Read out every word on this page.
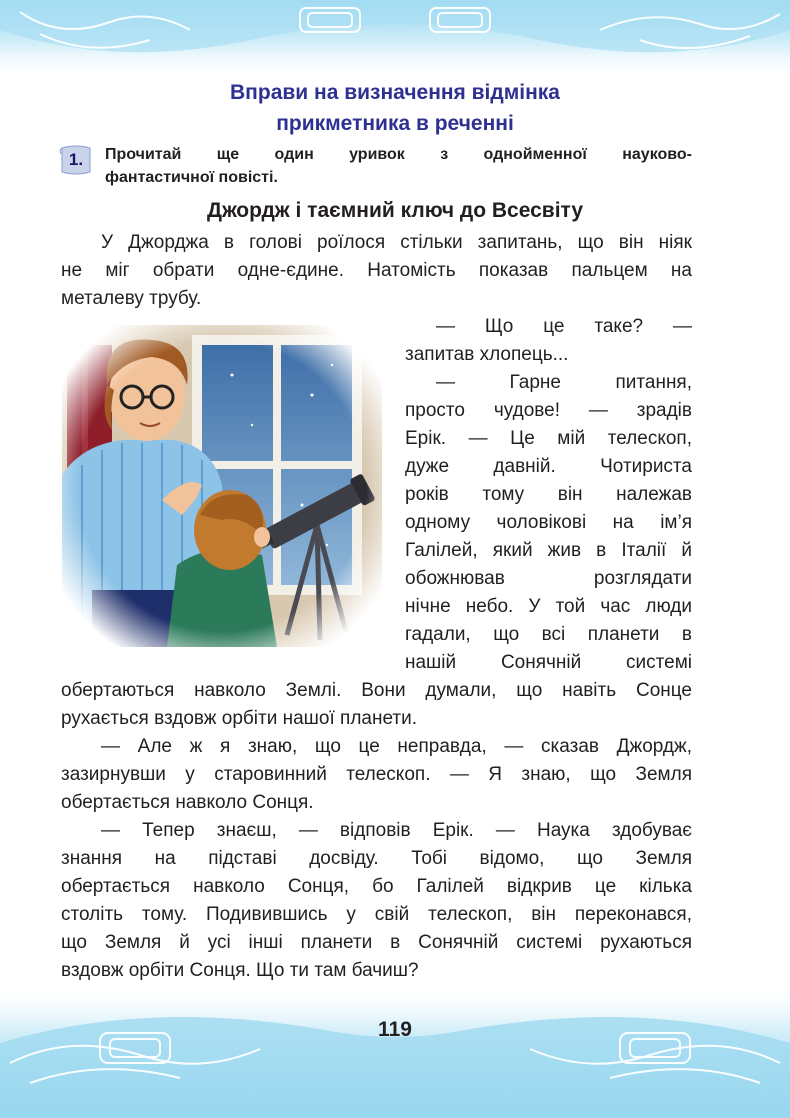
Вправи на визначення відмінка
прикметника в реченні
1.	Прочитай ще один уривок з однойменної науково-
фантастичної повісті.
Джордж і таємний ключ до Всесвіту
У Джорджа в голові роїлося стільки запитань, що він ніяк
не міг обрати одне-єдине. Натомість показав пальцем на
металеву трубу.
— Що це таке? —
запитав хлопець...
— Гарне питання,
просто чудове! — зрадів
Ерік. — Це мій телескоп,
дуже давній. Чотириста
років тому він належав
одному чоловікові на ім’я
Галілей, який жив в Італії й
обожнював розглядати
нічне небо. У той час люди
гадали, що всі планети в
нашій Сонячній системі
обертаються навколо Землі. Вони думали, що навіть Сонце
рухається вздовж орбіти нашої планети.
— Але ж я знаю, що це неправда, — сказав Джордж,
зазирнувши у старовинний телескоп. — Я знаю, що Земля
обертається навколо Сонця.
— Тепер знаєш, — відповів Ерік. — Наука здобуває
знання на підставі досвіду. Тобі відомо, що Земля
обертається навколо Сонця, бо Галілей відкрив це кілька
століть тому. Подивившись у свій телескоп, він переконався,
що Земля й усі інші планети в Сонячній системі рухаються
вздовж орбіти Сонця. Що ти там бачиш?
119
